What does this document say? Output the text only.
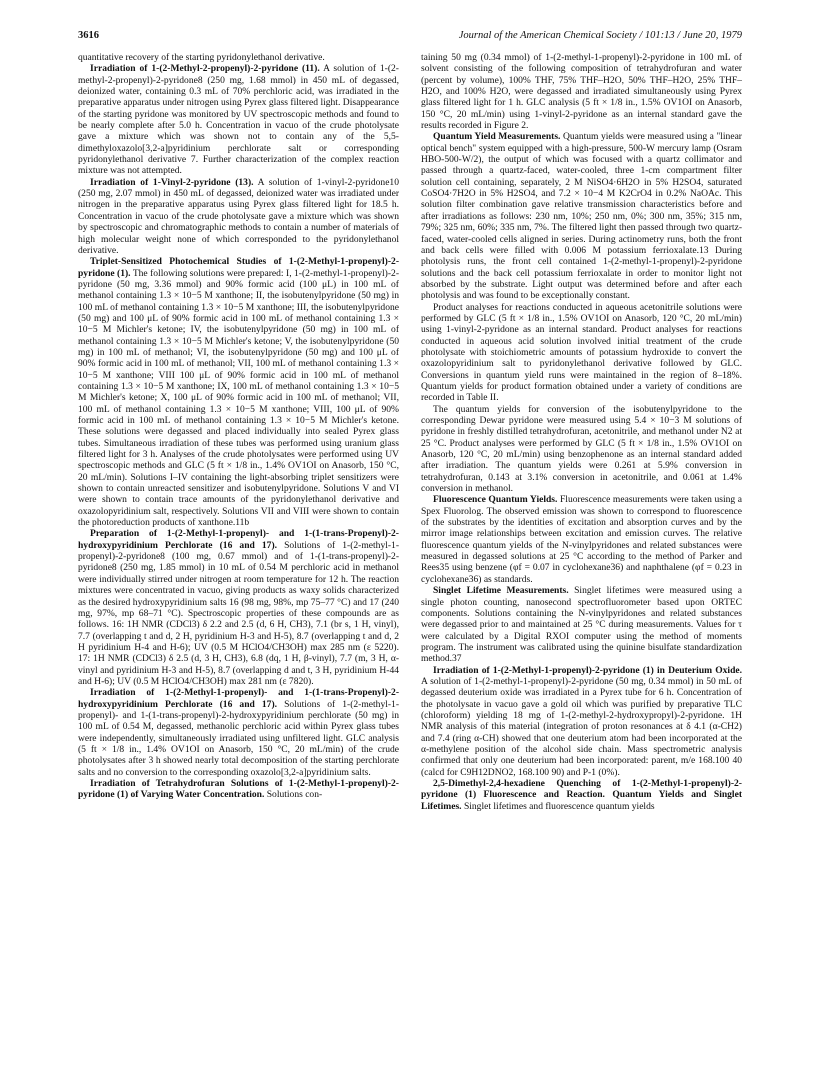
3616	Journal of the American Chemical Society / 101:13 / June 20, 1979

quantitative recovery of the starting pyridonylethanol derivative.

Irradiation of 1-(2-Methyl-2-propenyl)-2-pyridone (11). A solution of 1-(2-methyl-2-propenyl)-2-pyridone8 (250 mg, 1.68 mmol) in 450 mL of degassed, deionized water, containing 0.3 mL of 70% perchloric acid, was irradiated in the preparative apparatus under nitrogen using Pyrex glass filtered light. Disappearance of the starting pyridone was monitored by UV spectroscopic methods and found to be nearly complete after 5.0 h. Concentration in vacuo of the crude photolysate gave a mixture which was shown not to contain any of the 5,5-dimethyloxazolo[3,2-a]pyridinium perchlorate salt or corresponding pyridonylethanol derivative 7. Further characterization of the complex reaction mixture was not attempted.

Irradiation of 1-Vinyl-2-pyridone (13). A solution of 1-vinyl-2-pyridone10 (250 mg, 2.07 mmol) in 450 mL of degassed, deionized water was irradiated under nitrogen in the preparative apparatus using Pyrex glass filtered light for 18.5 h. Concentration in vacuo of the crude photolysate gave a mixture which was shown by spectroscopic and chromatographic methods to contain a number of materials of high molecular weight none of which corresponded to the pyridonylethanol derivative.

Triplet-Sensitized Photochemical Studies of 1-(2-Methyl-1-propenyl)-2-pyridone (1). The following solutions were prepared: I, 1-(2-methyl-1-propenyl)-2-pyridone (50 mg, 3.36 mmol) and 90% formic acid (100 μL) in 100 mL of methanol containing 1.3 × 10−5 M xanthone; II, the isobutenylpyridone (50 mg) in 100 mL of methanol containing 1.3 × 10−5 M xanthone; III, the isobutenylpyridone (50 mg) and 100 μL of 90% formic acid in 100 mL of methanol containing 1.3 × 10−5 M Michler's ketone; IV, the isobutenylpyridone (50 mg) in 100 mL of methanol containing 1.3 × 10−5 M Michler's ketone; V, the isobutenylpyridone (50 mg) in 100 mL of methanol; VI, the isobutenylpyridone (50 mg) and 100 μL of 90% formic acid in 100 mL of methanol; VII, 100 mL of methanol containing 1.3 × 10−5 M xanthone; VIII 100 μL of 90% formic acid in 100 mL of methanol containing 1.3 × 10−5 M xanthone; IX, 100 mL of methanol containing 1.3 × 10−5 M Michler's ketone; X, 100 μL of 90% formic acid in 100 mL of methanol; VII, 100 mL of methanol containing 1.3 × 10−5 M xanthone; VIII, 100 μL of 90% formic acid in 100 mL of methanol containing 1.3 × 10−5 M Michler's ketone. These solutions were degassed and placed individually into sealed Pyrex glass tubes. Simultaneous irradiation of these tubes was performed using uranium glass filtered light for 3 h. Analyses of the crude photolysates were performed using UV spectroscopic methods and GLC (5 ft × 1/8 in., 1.4% OV1OI on Anasorb, 150 °C, 20 mL/min). Solutions I–IV containing the light-absorbing triplet sensitizers were shown to contain unreacted sensitizer and isobutenylpyridone. Solutions V and VI were shown to contain trace amounts of the pyridonylethanol derivative and oxazolopyridinium salt, respectively. Solutions VII and VIII were shown to contain the photoreduction products of xanthone.11b

Preparation of 1-(2-Methyl-1-propenyl)- and 1-(1-trans-Propenyl)-2-hydroxypyridinium Perchlorate (16 and 17). Solutions of 1-(2-methyl-1-propenyl)-2-pyridone8 (100 mg, 0.67 mmol) and of 1-(1-trans-propenyl)-2-pyridone8 (250 mg, 1.85 mmol) in 10 mL of 0.54 M perchloric acid in methanol were individually stirred under nitrogen at room temperature for 12 h. The reaction mixtures were concentrated in vacuo, giving products as waxy solids characterized as the desired hydroxypyridinium salts 16 (98 mg, 98%, mp 75–77 °C) and 17 (240 mg, 97%, mp 68–71 °C). Spectroscopic properties of these compounds are as follows. 16: 1H NMR (CDCl3) δ 2.2 and 2.5 (d, 6 H, CH3), 7.1 (br s, 1 H, vinyl), 7.7 (overlapping t and d, 2 H, pyridinium H-3 and H-5), 8.7 (overlapping t and d, 2 H pyridinium H-4 and H-6); UV (0.5 M HClO4/CH3OH) max 285 nm (ε 5220). 17: 1H NMR (CDCl3) δ 2.5 (d, 3 H, CH3), 6.8 (dq, 1 H, β-vinyl), 7.7 (m, 3 H, α-vinyl and pyridinium H-3 and H-5), 8.7 (overlapping d and t, 3 H, pyridinium H-44 and H-6); UV (0.5 M HClO4/CH3OH) max 281 nm (ε 7820).

Irradiation of 1-(2-Methyl-1-propenyl)- and 1-(1-trans-Propenyl)-2-hydroxypyridinium Perchlorate (16 and 17). Solutions of 1-(2-methyl-1-propenyl)- and 1-(1-trans-propenyl)-2-hydroxypyridinium perchlorate (50 mg) in 100 mL of 0.54 M, degassed, methanolic perchloric acid within Pyrex glass tubes were independently, simultaneously irradiated using unfiltered light. GLC analysis (5 ft × 1/8 in., 1.4% OV1OI on Anasorb, 150 °C, 20 mL/min) of the crude photolysates after 3 h showed nearly total decomposition of the starting perchlorate salts and no conversion to the corresponding oxazolo[3,2-a]pyridinium salts.

Irradiation of Tetrahydrofuran Solutions of 1-(2-Methyl-1-propenyl)-2-pyridone (1) of Varying Water Concentration. Solutions con-

taining 50 mg (0.34 mmol) of 1-(2-methyl-1-propenyl)-2-pyridone in 100 mL of solvent consisting of the following composition of tetrahydrofuran and water (percent by volume), 100% THF, 75% THF–H2O, 50% THF–H2O, 25% THF–H2O, and 100% H2O, were degassed and irradiated simultaneously using Pyrex glass filtered light for 1 h. GLC analysis (5 ft × 1/8 in., 1.5% OV1OI on Anasorb, 150 °C, 20 mL/min) using 1-vinyl-2-pyridone as an internal standard gave the results recorded in Figure 2.

Quantum Yield Measurements. Quantum yields were measured using a "linear optical bench" system equipped with a high-pressure, 500-W mercury lamp (Osram HBO-500-W/2), the output of which was focused with a quartz collimator and passed through a quartz-faced, water-cooled, three 1-cm compartment filter solution cell containing, separately, 2 M NiSO4·6H2O in 5% H2SO4, saturated CoSO4·7H2O in 5% H2SO4, and 7.2 × 10−4 M K2CrO4 in 0.2% NaOAc. This solution filter combination gave relative transmission characteristics before and after irradiations as follows: 230 nm, 10%; 250 nm, 0%; 300 nm, 35%; 315 nm, 79%; 325 nm, 60%; 335 nm, 7%. The filtered light then passed through two quartz-faced, water-cooled cells aligned in series. During actinometry runs, both the front and back cells were filled with 0.006 M potassium ferrioxalate.13 During photolysis runs, the front cell contained 1-(2-methyl-1-propenyl)-2-pyridone solutions and the back cell potassium ferrioxalate in order to monitor light not absorbed by the substrate. Light output was determined before and after each photolysis and was found to be exceptionally constant.

Product analyses for reactions conducted in aqueous acetonitrile solutions were performed by GLC (5 ft × 1/8 in., 1.5% OV1OI on Anasorb, 120 °C, 20 mL/min) using 1-vinyl-2-pyridone as an internal standard. Product analyses for reactions conducted in aqueous acid solution involved initial treatment of the crude photolysate with stoichiometric amounts of potassium hydroxide to convert the oxazolopyridinium salt to pyridonylethanol derivative followed by GLC. Conversions in quantum yield runs were maintained in the region of 8–18%. Quantum yields for product formation obtained under a variety of conditions are recorded in Table II.

The quantum yields for conversion of the isobutenylpyridone to the corresponding Dewar pyridone were measured using 5.4 × 10−3 M solutions of pyridone in freshly distilled tetrahydrofuran, acetonitrile, and methanol under N2 at 25 °C. Product analyses were performed by GLC (5 ft × 1/8 in., 1.5% OV1OI on Anasorb, 120 °C, 20 mL/min) using benzophenone as an internal standard added after irradiation. The quantum yields were 0.261 at 5.9% conversion in tetrahydrofuran, 0.143 at 3.1% conversion in acetonitrile, and 0.061 at 1.4% conversion in methanol.

Fluorescence Quantum Yields. Fluorescence measurements were taken using a Spex Fluorolog. The observed emission was shown to correspond to fluorescence of the substrates by the identities of excitation and absorption curves and by the mirror image relationships between excitation and emission curves. The relative fluorescence quantum yields of the N-vinylpyridones and related substances were measured in degassed solutions at 25 °C according to the method of Parker and Rees35 using benzene (φf = 0.07 in cyclohexane36) and naphthalene (φf = 0.23 in cyclohexane36) as standards.

Singlet Lifetime Measurements. Singlet lifetimes were measured using a single photon counting, nanosecond spectrofluorometer based upon ORTEC components. Solutions containing the N-vinylpyridones and related substances were degassed prior to and maintained at 25 °C during measurements. Values for τ were calculated by a Digital RXOI computer using the method of moments program. The instrument was calibrated using the quinine bisulfate standardization method.37

Irradiation of 1-(2-Methyl-1-propenyl)-2-pyridone (1) in Deuterium Oxide. A solution of 1-(2-methyl-1-propenyl)-2-pyridone (50 mg, 0.34 mmol) in 50 mL of degassed deuterium oxide was irradiated in a Pyrex tube for 6 h. Concentration of the photolysate in vacuo gave a gold oil which was purified by preparative TLC (chloroform) yielding 18 mg of 1-(2-methyl-2-hydroxypropyl)-2-pyridone. 1H NMR analysis of this material (integration of proton resonances at δ 4.1 (α-CH2) and 7.4 (ring α-CH) showed that one deuterium atom had been incorporated at the α-methylene position of the alcohol side chain. Mass spectrometric analysis confirmed that only one deuterium had been incorporated: parent, m/e 168.100 40 (calcd for C9H12DNO2, 168.100 90) and P-1 (0%).

2,5-Dimethyl-2,4-hexadiene Quenching of 1-(2-Methyl-1-propenyl)-2-pyridone (1) Fluorescence and Reaction. Quantum Yields and Singlet Lifetimes. Singlet lifetimes and fluorescence quantum yields
